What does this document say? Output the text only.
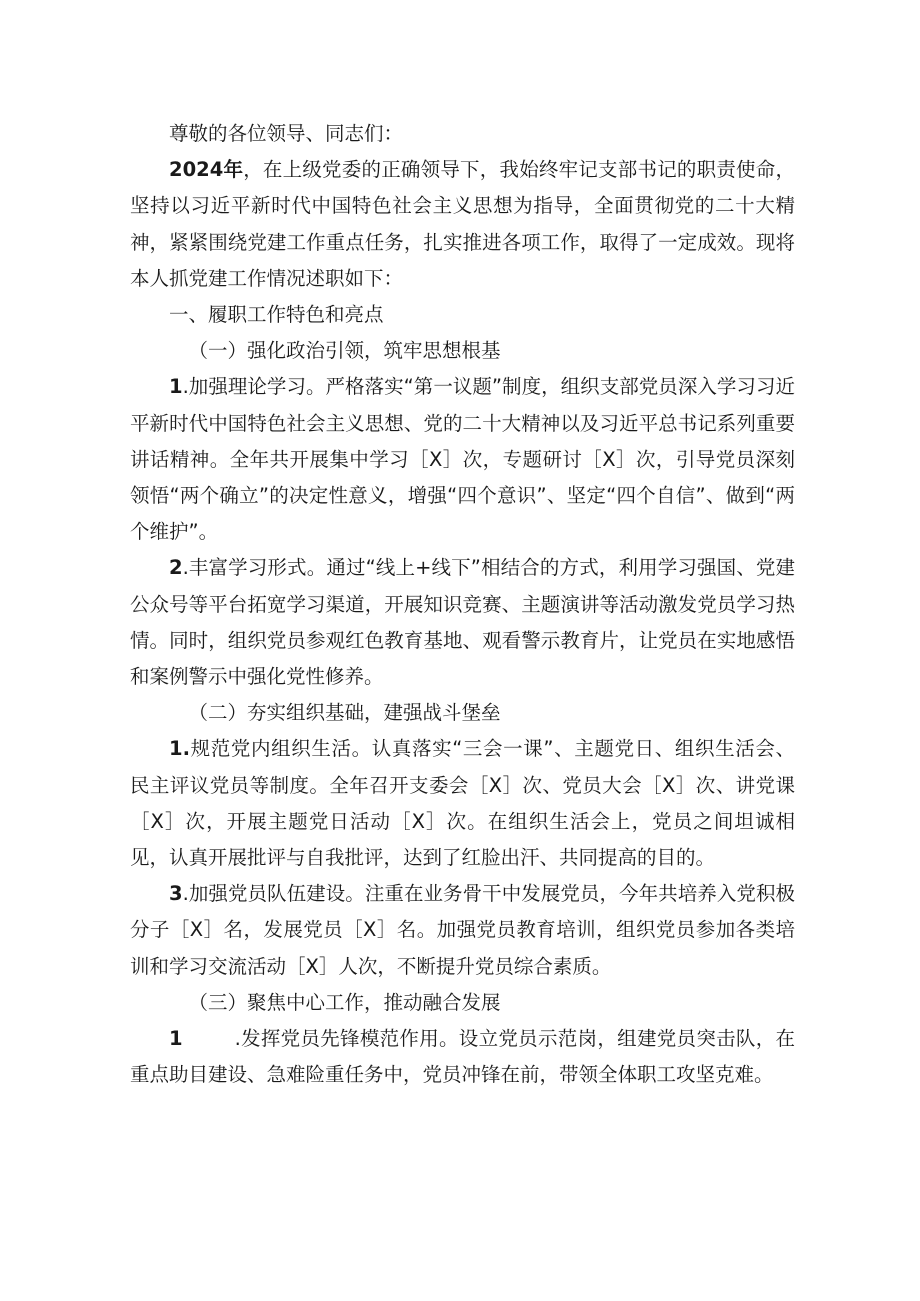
尊敬的各位领导、同志们：

2024年，在上级党委的正确领导下，我始终牢记支部书记的职责使命，坚持以习近平新时代中国特色社会主义思想为指导，全面贯彻党的二十大精神，紧紧围绕党建工作重点任务，扎实推进各项工作，取得了一定成效。现将本人抓党建工作情况述职如下：

一、履职工作特色和亮点

（一）强化政治引领，筑牢思想根基

1.加强理论学习。严格落实“第一议题”制度，组织支部党员深入学习习近平新时代中国特色社会主义思想、党的二十大精神以及习近平总书记系列重要讲话精神。全年共开展集中学习［X］次，专题研讨［X］次，引导党员深刻领悟“两个确立”的决定性意义，增强“四个意识”、坚定“四个自信”、做到“两个维护”。

2.丰富学习形式。通过“线上+线下”相结合的方式，利用学习强国、党建公众号等平台拓宽学习渠道，开展知识竞赛、主题演讲等活动激发党员学习热情。同时，组织党员参观红色教育基地、观看警示教育片，让党员在实地感悟和案例警示中强化党性修养。

（二）夯实组织基础，建强战斗堡垒

1.规范党内组织生活。认真落实“三会一课”、主题党日、组织生活会、民主评议党员等制度。全年召开支委会［X］次、党员大会［X］次、讲党课［X］次，开展主题党日活动［X］次。在组织生活会上，党员之间坦诚相见，认真开展批评与自我批评，达到了红脸出汗、共同提高的目的。

3.加强党员队伍建设。注重在业务骨干中发展党员，今年共培养入党积极分子［X］名，发展党员［X］名。加强党员教育培训，组织党员参加各类培训和学习交流活动［X］人次，不断提升党员综合素质。

（三）聚焦中心工作，推动融合发展

1	.发挥党员先锋模范作用。设立党员示范岗，组建党员突击队，在重点助目建设、急难险重任务中，党员冲锋在前，带领全体职工攻坚克难。
